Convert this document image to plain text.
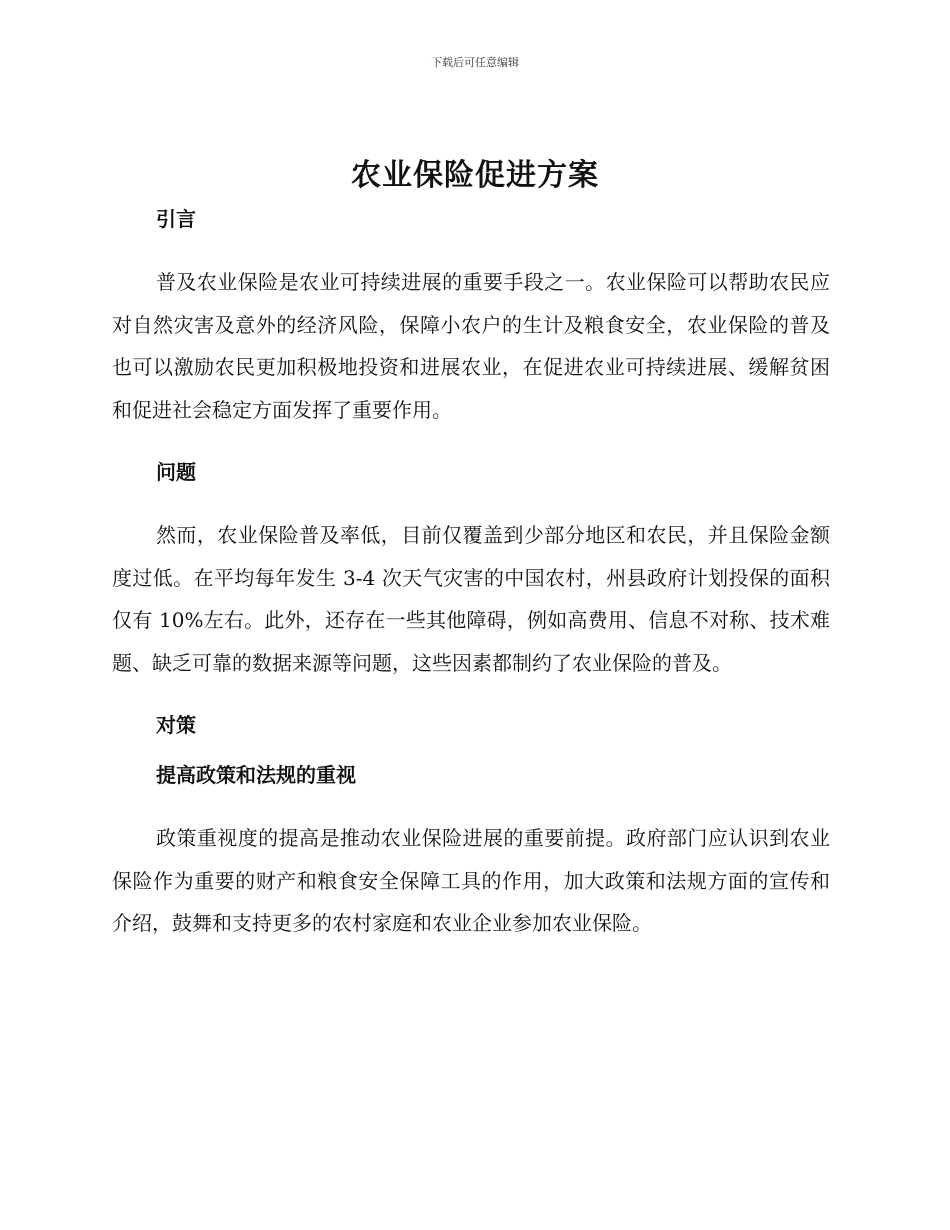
下载后可任意编辑
农业保险促进方案
引言

普及农业保险是农业可持续进展的重要手段之一。农业保险可以帮助农民应对自然灾害及意外的经济风险，保障小农户的生计及粮食安全，农业保险的普及也可以激励农民更加积极地投资和进展农业，在促进农业可持续进展、缓解贫困和促进社会稳定方面发挥了重要作用。

问题

然而，农业保险普及率低，目前仅覆盖到少部分地区和农民，并且保险金额度过低。在平均每年发生 3-4 次天气灾害的中国农村，州县政府计划投保的面积仅有 10%左右。此外，还存在一些其他障碍，例如高费用、信息不对称、技术难题、缺乏可靠的数据来源等问题，这些因素都制约了农业保险的普及。

对策
提高政策和法规的重视

政策重视度的提高是推动农业保险进展的重要前提。政府部门应认识到农业保险作为重要的财产和粮食安全保障工具的作用，加大政策和法规方面的宣传和介绍，鼓舞和支持更多的农村家庭和农业企业参加农业保险。
